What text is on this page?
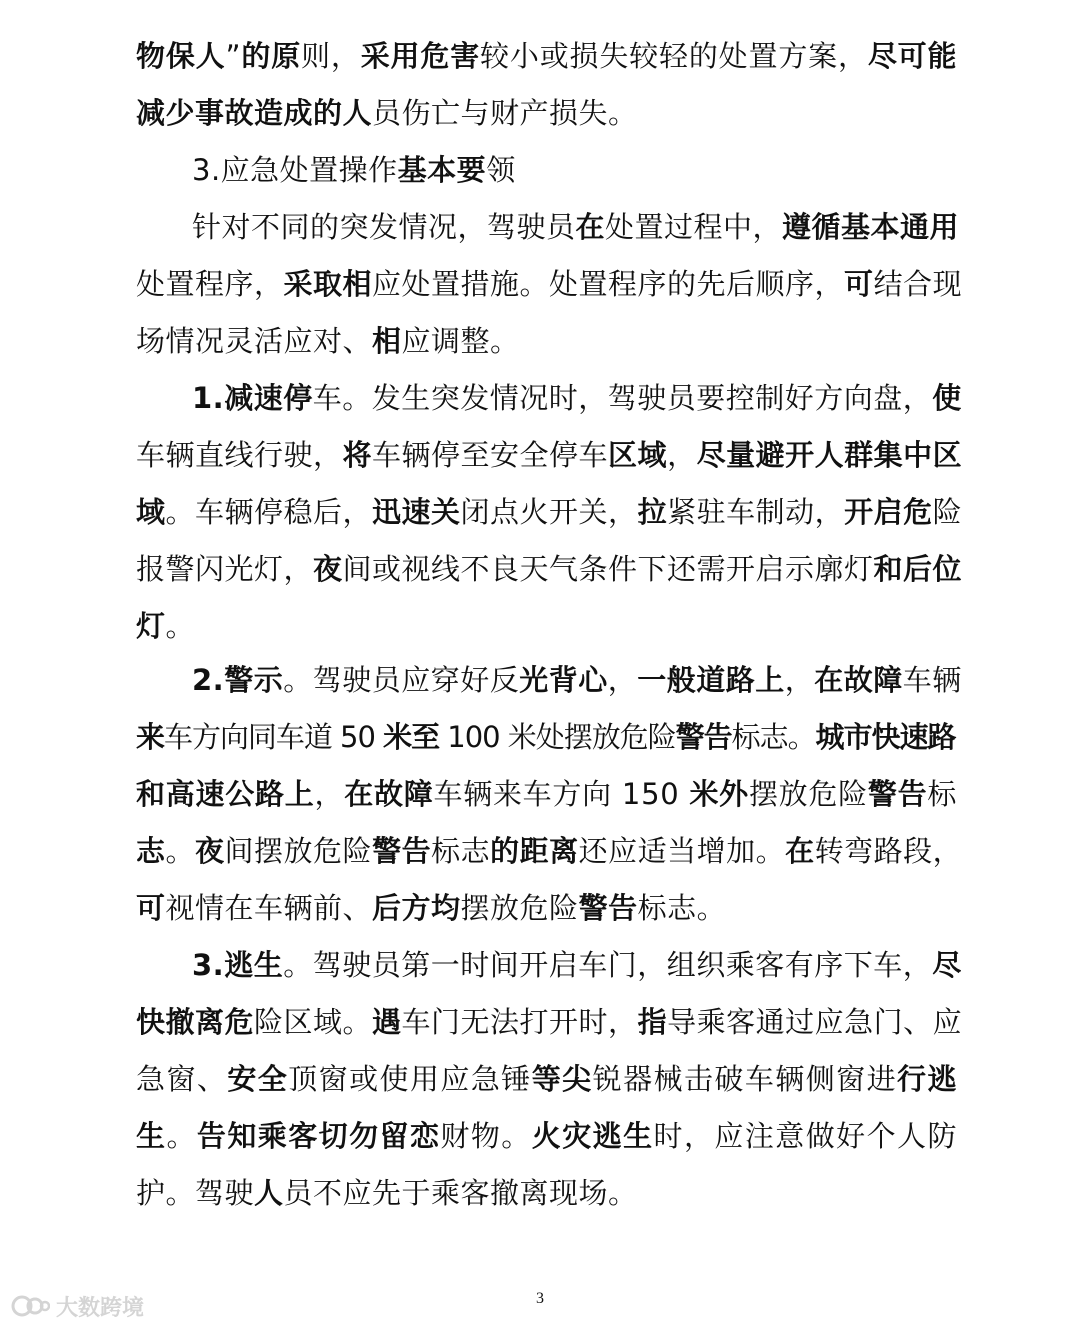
物保人”的原则，采用危害较小或损失较轻的处置方案，尽可能
减少事故造成的人员伤亡与财产损失。
3.应急处置操作基本要领
针对不同的突发情况，驾驶员在处置过程中，遵循基本通用
处置程序，采取相应处置措施。处置程序的先后顺序，可结合现
场情况灵活应对、相应调整。
1.减速停车。发生突发情况时，驾驶员要控制好方向盘，使
车辆直线行驶，将车辆停至安全停车区域，尽量避开人群集中区
域。车辆停稳后，迅速关闭点火开关，拉紧驻车制动，开启危险
报警闪光灯，夜间或视线不良天气条件下还需开启示廓灯和后位
灯。
2.警示。驾驶员应穿好反光背心，一般道路上，在故障车辆
来车方向同车道 50 米至 100 米处摆放危险警告标志。城市快速路
和高速公路上，在故障车辆来车方向 150 米外摆放危险警告标
志。夜间摆放危险警告标志的距离还应适当增加。在转弯路段，
可视情在车辆前、后方均摆放危险警告标志。
3.逃生。驾驶员第一时间开启车门，组织乘客有序下车，尽
快撤离危险区域。遇车门无法打开时，指导乘客通过应急门、应
急窗、安全顶窗或使用应急锤等尖锐器械击破车辆侧窗进行逃
生。告知乘客切勿留恋财物。火灾逃生时，应注意做好个人防
护。驾驶人员不应先于乘客撤离现场。
3
大数跨境
